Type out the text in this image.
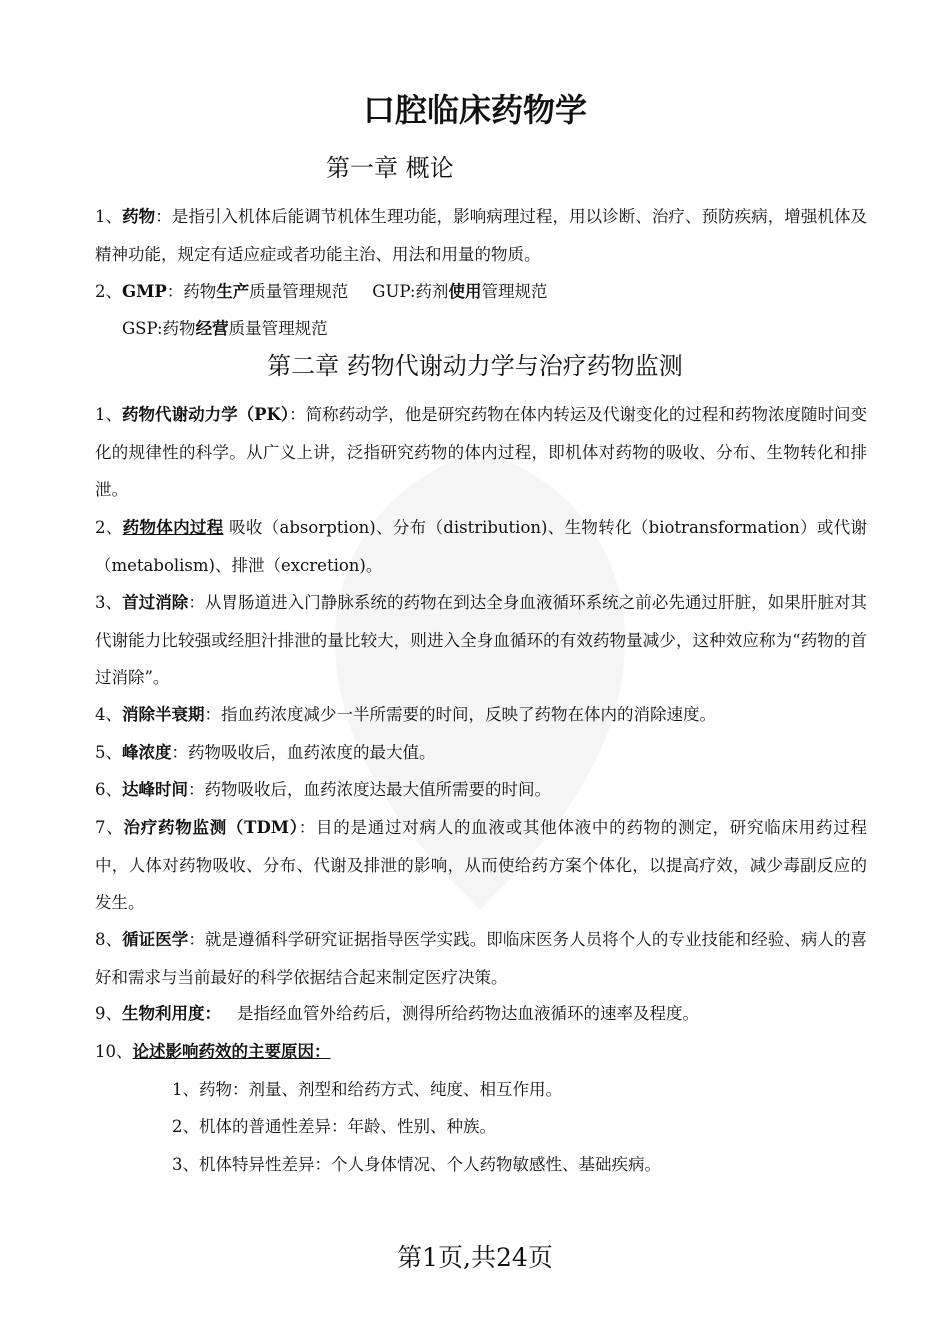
口腔临床药物学
第一章 概论
1、药物：是指引入机体后能调节机体生理功能，影响病理过程，用以诊断、治疗、预防疾病，增强机体及精神功能，规定有适应症或者功能主治、用法和用量的物质。
2、GMP：药物生产质量管理规范 GUP:药剂使用管理规范
GSP:药物经营质量管理规范
第二章 药物代谢动力学与治疗药物监测
1、药物代谢动力学（PK）：简称药动学，他是研究药物在体内转运及代谢变化的过程和药物浓度随时间变化的规律性的科学。从广义上讲，泛指研究药物的体内过程，即机体对药物的吸收、分布、生物转化和排泄。
2、药物体内过程 吸收（absorption)、分布（distribution)、生物转化（biotransformation）或代谢（metabolism)、排泄（excretion)。
3、首过消除：从胃肠道进入门静脉系统的药物在到达全身血液循环系统之前必先通过肝脏，如果肝脏对其代谢能力比较强或经胆汁排泄的量比较大，则进入全身血循环的有效药物量减少，这种效应称为“药物的首过消除”。
4、消除半衰期：指血药浓度减少一半所需要的时间，反映了药物在体内的消除速度。
5、峰浓度：药物吸收后，血药浓度的最大值。
6、达峰时间：药物吸收后，血药浓度达最大值所需要的时间。
7、治疗药物监测（TDM）：目的是通过对病人的血液或其他体液中的药物的测定，研究临床用药过程中，人体对药物吸收、分布、代谢及排泄的影响，从而使给药方案个体化，以提高疗效，减少毒副反应的发生。
8、循证医学：就是遵循科学研究证据指导医学实践。即临床医务人员将个人的专业技能和经验、病人的喜好和需求与当前最好的科学依据结合起来制定医疗决策。
9、生物利用度： 是指经血管外给药后，测得所给药物达血液循环的速率及程度。
10、论述影响药效的主要原因：
1、药物：剂量、剂型和给药方式、纯度、相互作用。
2、机体的普通性差异：年龄、性别、种族。
3、机体特异性差异：个人身体情况、个人药物敏感性、基础疾病。
第1页,共24页
